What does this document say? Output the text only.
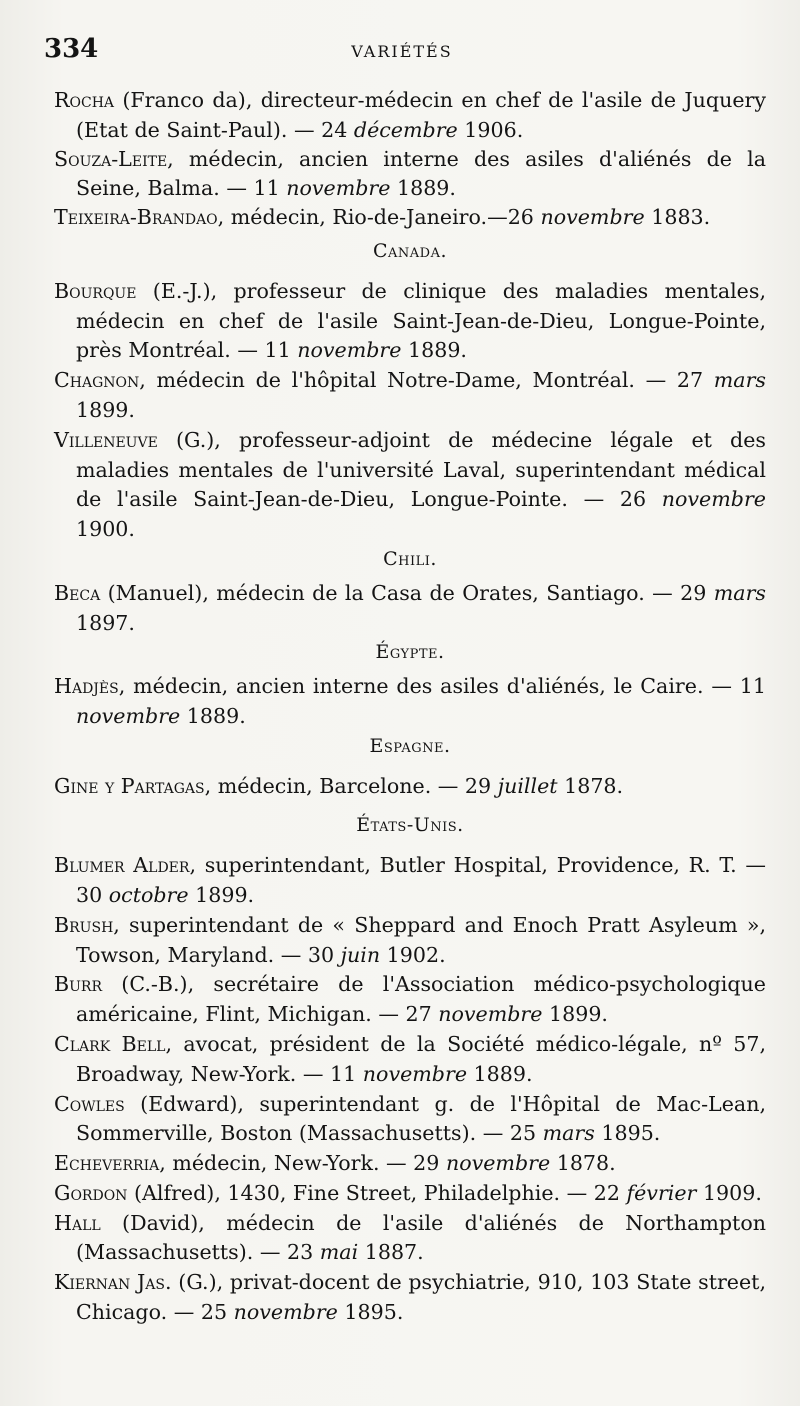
334	VARIÉTÉS
Rocha (Franco da), directeur-médecin en chef de l'asile de Juquery (Etat de Saint-Paul). — 24 décembre 1906.
Souza-Leite, médecin, ancien interne des asiles d'aliénés de la Seine, Balma. — 11 novembre 1889.
Teixeira-Brandao, médecin, Rio-de-Janeiro.—26 novembre 1883.
Canada.
Bourque (E.-J.), professeur de clinique des maladies mentales, médecin en chef de l'asile Saint-Jean-de-Dieu, Longue-Pointe, près Montréal. — 11 novembre 1889.
Chagnon, médecin de l'hôpital Notre-Dame, Montréal. — 27 mars 1899.
Villeneuve (G.), professeur-adjoint de médecine légale et des maladies mentales de l'université Laval, superintendant médical de l'asile Saint-Jean-de-Dieu, Longue-Pointe. — 26 novembre 1900.
Chili.
Beca (Manuel), médecin de la Casa de Orates, Santiago. — 29 mars 1897.
Égypte.
Hadjès, médecin, ancien interne des asiles d'aliénés, le Caire. — 11 novembre 1889.
Espagne.
Gine y Partagas, médecin, Barcelone. — 29 juillet 1878.
États-Unis.
Blumer Alder, superintendant, Butler Hospital, Providence, R. T. — 30 octobre 1899.
Brush, superintendant de « Sheppard and Enoch Pratt Asyleum », Towson, Maryland. — 30 juin 1902.
Burr (C.-B.), secrétaire de l'Association médico-psychologique américaine, Flint, Michigan. — 27 novembre 1899.
Clark Bell, avocat, président de la Société médico-légale, nº 57, Broadway, New-York. — 11 novembre 1889.
Cowles (Edward), superintendant g. de l'Hôpital de Mac-Lean, Sommerville, Boston (Massachusetts). — 25 mars 1895.
Echeverria, médecin, New-York. — 29 novembre 1878.
Gordon (Alfred), 1430, Fine Street, Philadelphie. — 22 février 1909.
Hall (David), médecin de l'asile d'aliénés de Northampton (Massachusetts). — 23 mai 1887.
Kiernan Jas. (G.), privat-docent de psychiatrie, 910, 103 State street, Chicago. — 25 novembre 1895.
